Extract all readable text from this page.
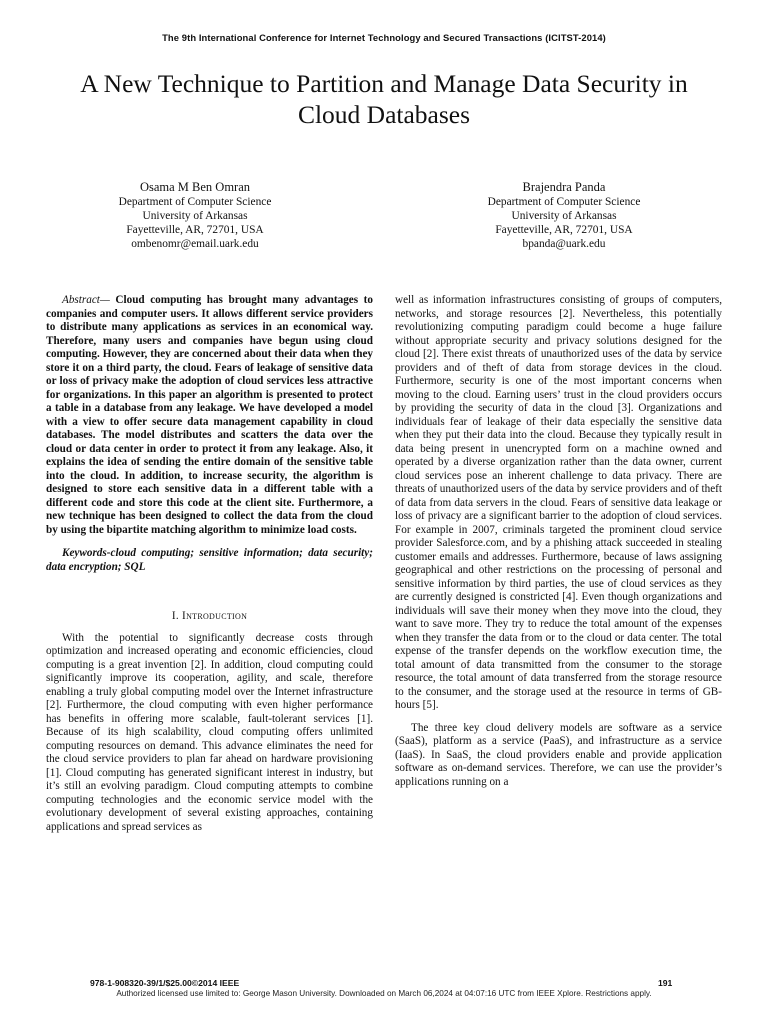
The 9th International Conference for Internet Technology and Secured Transactions (ICITST-2014)
A New Technique to Partition and Manage Data Security in Cloud Databases
Osama M Ben Omran
Department of Computer Science
University of Arkansas
Fayetteville, AR, 72701, USA
ombenomr@email.uark.edu
Brajendra Panda
Department of Computer Science
University of Arkansas
Fayetteville, AR, 72701, USA
bpanda@uark.edu

Abstract— Cloud computing has brought many advantages to companies and computer users. It allows different service providers to distribute many applications as services in an economical way. Therefore, many users and companies have begun using cloud computing. However, they are concerned about their data when they store it on a third party, the cloud. Fears of leakage of sensitive data or loss of privacy make the adoption of cloud services less attractive for organizations. In this paper an algorithm is presented to protect a table in a database from any leakage. We have developed a model with a view to offer secure data management capability in cloud databases. The model distributes and scatters the data over the cloud or data center in order to protect it from any leakage. Also, it explains the idea of sending the entire domain of the sensitive table into the cloud. In addition, to increase security, the algorithm is designed to store each sensitive data in a different table with a different code and store this code at the client site. Furthermore, a new technique has been designed to collect the data from the cloud by using the bipartite matching algorithm to minimize load costs.

Keywords-cloud computing; sensitive information; data security; data encryption; SQL

I. Introduction

With the potential to significantly decrease costs through optimization and increased operating and economic efficiencies, cloud computing is a great invention [2]. In addition, cloud computing could significantly improve its cooperation, agility, and scale, therefore enabling a truly global computing model over the Internet infrastructure [2]. Furthermore, the cloud computing with even higher performance has benefits in offering more scalable, fault-tolerant services [1]. Because of its high scalability, cloud computing offers unlimited computing resources on demand. This advance eliminates the need for the cloud service providers to plan far ahead on hardware provisioning [1]. Cloud computing has generated significant interest in industry, but it’s still an evolving paradigm. Cloud computing attempts to combine computing technologies and the economic service model with the evolutionary development of several existing approaches, containing applications and spread services as

well as information infrastructures consisting of groups of computers, networks, and storage resources [2]. Nevertheless, this potentially revolutionizing computing paradigm could become a huge failure without appropriate security and privacy solutions designed for the cloud [2]. There exist threats of unauthorized uses of the data by service providers and of theft of data from storage devices in the cloud. Furthermore, security is one of the most important concerns when moving to the cloud. Earning users’ trust in the cloud providers occurs by providing the security of data in the cloud [3]. Organizations and individuals fear of leakage of their data especially the sensitive data when they put their data into the cloud. Because they typically result in data being present in unencrypted form on a machine owned and operated by a diverse organization rather than the data owner, current cloud services pose an inherent challenge to data privacy. There are threats of unauthorized users of the data by service providers and of theft of data from data servers in the cloud. Fears of sensitive data leakage or loss of privacy are a significant barrier to the adoption of cloud services. For example in 2007, criminals targeted the prominent cloud service provider Salesforce.com, and by a phishing attack succeeded in stealing customer emails and addresses. Furthermore, because of laws assigning geographical and other restrictions on the processing of personal and sensitive information by third parties, the use of cloud services as they are currently designed is constricted [4]. Even though organizations and individuals will save their money when they move into the cloud, they want to save more. They try to reduce the total amount of the expenses when they transfer the data from or to the cloud or data center. The total expense of the transfer depends on the workflow execution time, the total amount of data transmitted from the consumer to the storage resource, the total amount of data transferred from the storage resource to the consumer, and the storage used at the resource in terms of GB-hours [5].

The three key cloud delivery models are software as a service (SaaS), platform as a service (PaaS), and infrastructure as a service (IaaS). In SaaS, the cloud providers enable and provide application software as on-demand services. Therefore, we can use the provider’s applications running on a

978-1-908320-39/1/$25.00©2014 IEEE	191
Authorized licensed use limited to: George Mason University. Downloaded on March 06,2024 at 04:07:16 UTC from IEEE Xplore. Restrictions apply.
